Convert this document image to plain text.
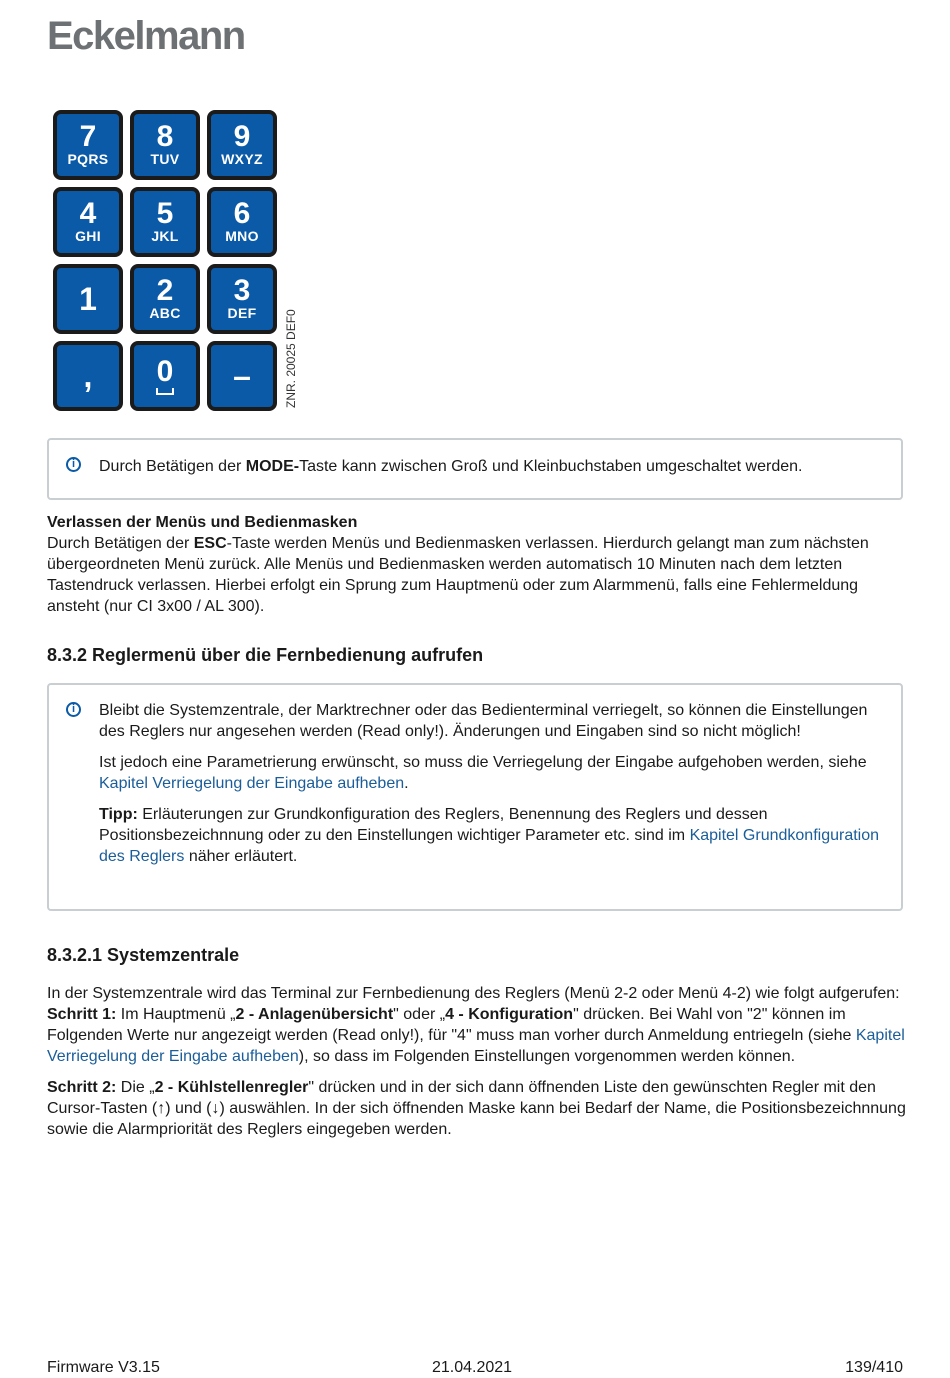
Eckelmann
7
PQRS
8
TUV
9
WXYZ
4
GHI
5
JKL
6
MNO
1 2
ABC
3
DEF
, 0 –	ZNR. 20025 DEF0
i	Durch Betätigen der MODE-Taste kann zwischen Groß und Kleinbuchstaben umgeschaltet werden.

Verlassen der Menüs und Bedienmasken

Durch Betätigen der ESC-Taste werden Menüs und Bedienmasken verlassen. Hierdurch gelangt man zum nächsten übergeordneten Menü zurück. Alle Menüs und Bedienmasken werden automatisch 10 Minuten nach dem letzten Tastendruck verlassen. Hierbei erfolgt ein Sprung zum Hauptmenü oder zum Alarmmenü, falls eine Fehlermeldung ansteht (nur CI 3x00 / AL 300).

8.3.2 Reglermenü über die Fernbedienung aufrufen
i	Bleibt die Systemzentrale, der Marktrechner oder das Bedienterminal verriegelt, so können die Einstellungen des Reglers nur angesehen werden (Read only!). Änderungen und Eingaben sind so nicht möglich!

Ist jedoch eine Parametrierung erwünscht, so muss die Verriegelung der Eingabe aufgehoben werden, siehe Kapitel Verriegelung der Eingabe aufheben.

Tipp: Erläuterungen zur Grundkonfiguration des Reglers, Benennung des Reglers und dessen Positionsbezeichnnung oder zu den Einstellungen wichtiger Parameter etc. sind im Kapitel Grundkonfiguration des Reglers näher erläutert.

8.3.2.1 Systemzentrale

In der Systemzentrale wird das Terminal zur Fernbedienung des Reglers (Menü 2-2 oder Menü 4-2) wie folgt aufgerufen:

Schritt 1: Im Hauptmenü „2 - Anlagenübersicht" oder „4 - Konfiguration" drücken. Bei Wahl von "2" können im Folgenden Werte nur angezeigt werden (Read only!), für "4" muss man vorher durch Anmeldung entriegeln (siehe Kapitel Verriegelung der Eingabe aufheben), so dass im Folgenden Einstellungen vorgenommen werden können.

Schritt 2: Die „2 - Kühlstellenregler" drücken und in der sich dann öffnenden Liste den gewünschten Regler mit den Cursor-Tasten (↑) und (↓) auswählen. In der sich öffnenden Maske kann bei Bedarf der Name, die Positionsbezeichnnung sowie die Alarmpriorität des Reglers eingegeben werden.

Firmware V3.15	21.04.2021	139/410
